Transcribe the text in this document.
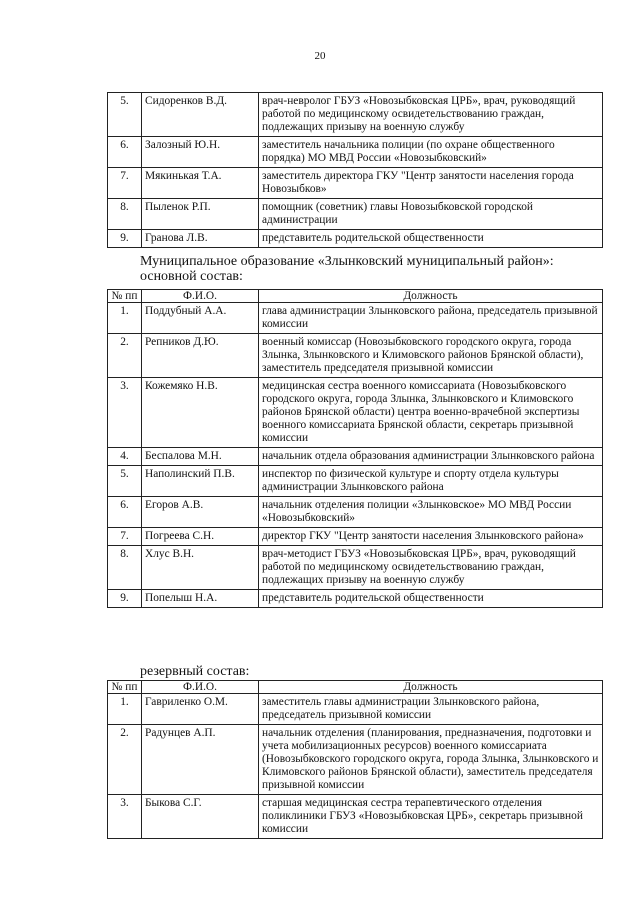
20
5.	Сидоренков В.Д.	врач-невролог ГБУЗ «Новозыбковская ЦРБ», врач, руководящий работой по медицинскому освидетельствованию граждан, подлежащих призыву на военную службу
6.	Залозный Ю.Н.	заместитель начальника полиции (по охране общественного порядка) МО МВД России «Новозыбковский»
7.	Мякинькая Т.А.	заместитель директора ГКУ "Центр занятости населения города Новозыбков»
8.	Пыленок Р.П.	помощник (советник) главы Новозыбковской городской администрации
9.	Гранова Л.В.	представитель родительской общественности
Муниципальное образование «Злынковский муниципальный район»:
основной состав:
№ пп	Ф.И.О.	Должность
1.	Поддубный А.А.	глава администрации Злынковского района, председатель призывной комиссии
2.	Репников Д.Ю.	военный комиссар (Новозыбковского городского округа, города Злынка, Злынковского и Климовского районов Брянской области), заместитель председателя призывной комиссии
3.	Кожемяко Н.В.	медицинская сестра военного комиссариата (Новозыбковского городского округа, города Злынка, Злынковского и Климовского районов Брянской области) центра военно-врачебной экспертизы военного комиссариата Брянской области, секретарь призывной комиссии
4.	Беспалова М.Н.	начальник отдела образования администрации Злынковского района
5.	Наполинский П.В.	инспектор по физической культуре и спорту отдела культуры администрации Злынковского района
6.	Егоров А.В.	начальник отделения полиции «Злынковское» МО МВД России «Новозыбковский»
7.	Погреева С.Н.	директор ГКУ "Центр занятости населения Злынковского района»
8.	Хлус В.Н.	врач-методист ГБУЗ «Новозыбковская ЦРБ», врач, руководящий работой по медицинскому освидетельствованию граждан, подлежащих призыву на военную службу
9.	Попелыш Н.А.	представитель родительской общественности
резервный состав:
№ пп	Ф.И.О.	Должность
1.	Гавриленко О.М.	заместитель главы администрации Злынковского района, председатель призывной комиссии
2.	Радунцев А.П.	начальник отделения (планирования, предназначения, подготовки и учета мобилизационных ресурсов) военного комиссариата (Новозыбковского городского округа, города Злынка, Злынковского и Климовского районов Брянской области), заместитель председателя призывной комиссии
3.	Быкова С.Г.	старшая медицинская сестра терапевтического отделения поликлиники ГБУЗ «Новозыбковская ЦРБ», секретарь призывной комиссии
